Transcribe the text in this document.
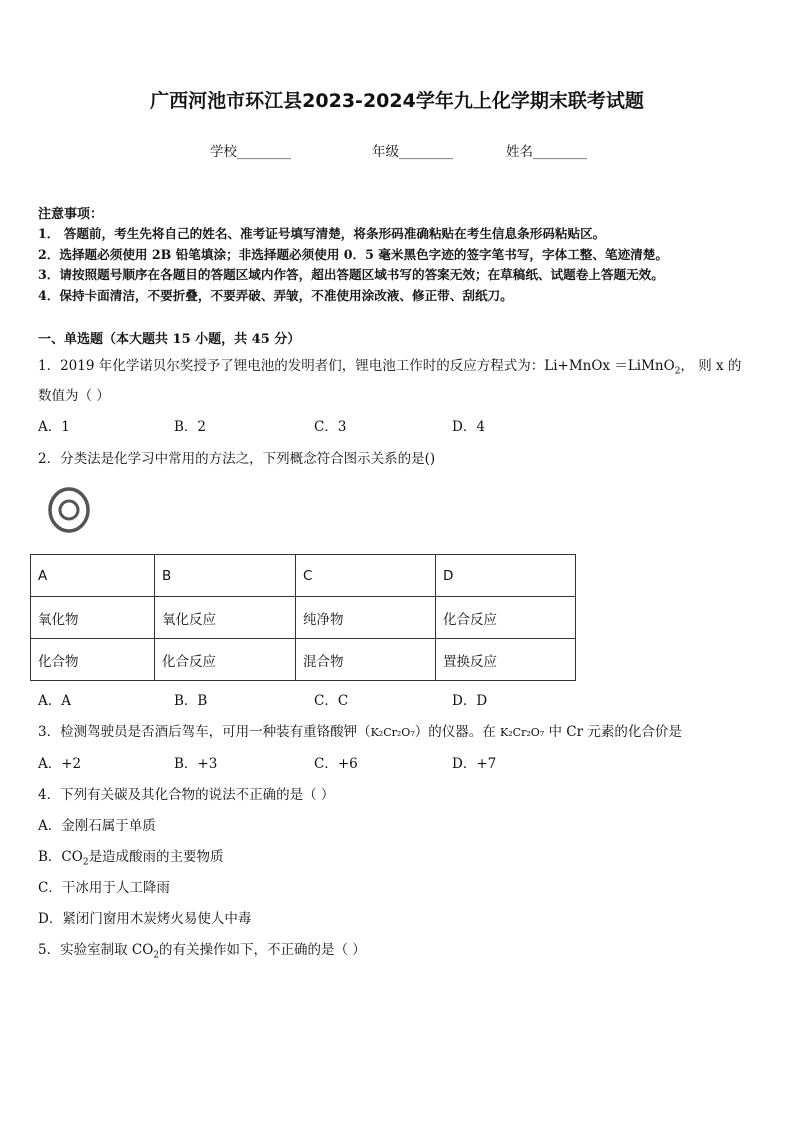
广西河池市环江县2023-2024学年九上化学期末联考试题
学校________	年级________	姓名________
注意事项：
1． 答题前，考生先将自己的姓名、准考证号填写清楚，将条形码准确粘贴在考生信息条形码粘贴区。
2．选择题必须使用 2B 铅笔填涂；非选择题必须使用 0．5 毫米黑色字迹的签字笔书写，字体工整、笔迹清楚。
3．请按照题号顺序在各题目的答题区域内作答，超出答题区域书写的答案无效；在草稿纸、试题卷上答题无效。
4．保持卡面清洁，不要折叠，不要弄破、弄皱，不准使用涂改液、修正带、刮纸刀。
一、单选题（本大题共 15 小题，共 45 分）
1．2019 年化学诺贝尔奖授予了锂电池的发明者们，锂电池工作时的反应方程式为：Li+MnOx ＝LiMnO$_2$， 则 x 的
数值为（ ）
A．1	B．2	C．3	D．4
2．分类法是化学习中常用的方法之，下列概念符合图示关系的是()
A	B	C	D
氧化物	氧化反应	纯净物	化合反应
化合物	化合反应	混合物	置换反应
A．A	B．B	C．C	D．D
3．检测驾驶员是否酒后驾车，可用一种装有重铬酸钾（K₂Cr₂O₇）的仪器。在 K₂Cr₂O₇ 中 Cr 元素的化合价是
A．+2	B．+3	C．+6	D．+7
4．下列有关碳及其化合物的说法不正确的是（ ）
A．金刚石属于单质
B．$CO_2$是造成酸雨的主要物质
C．干冰用于人工降雨
D．紧闭门窗用木炭烤火易使人中毒
5．实验室制取 $CO_2$的有关操作如下，不正确的是（ ）
